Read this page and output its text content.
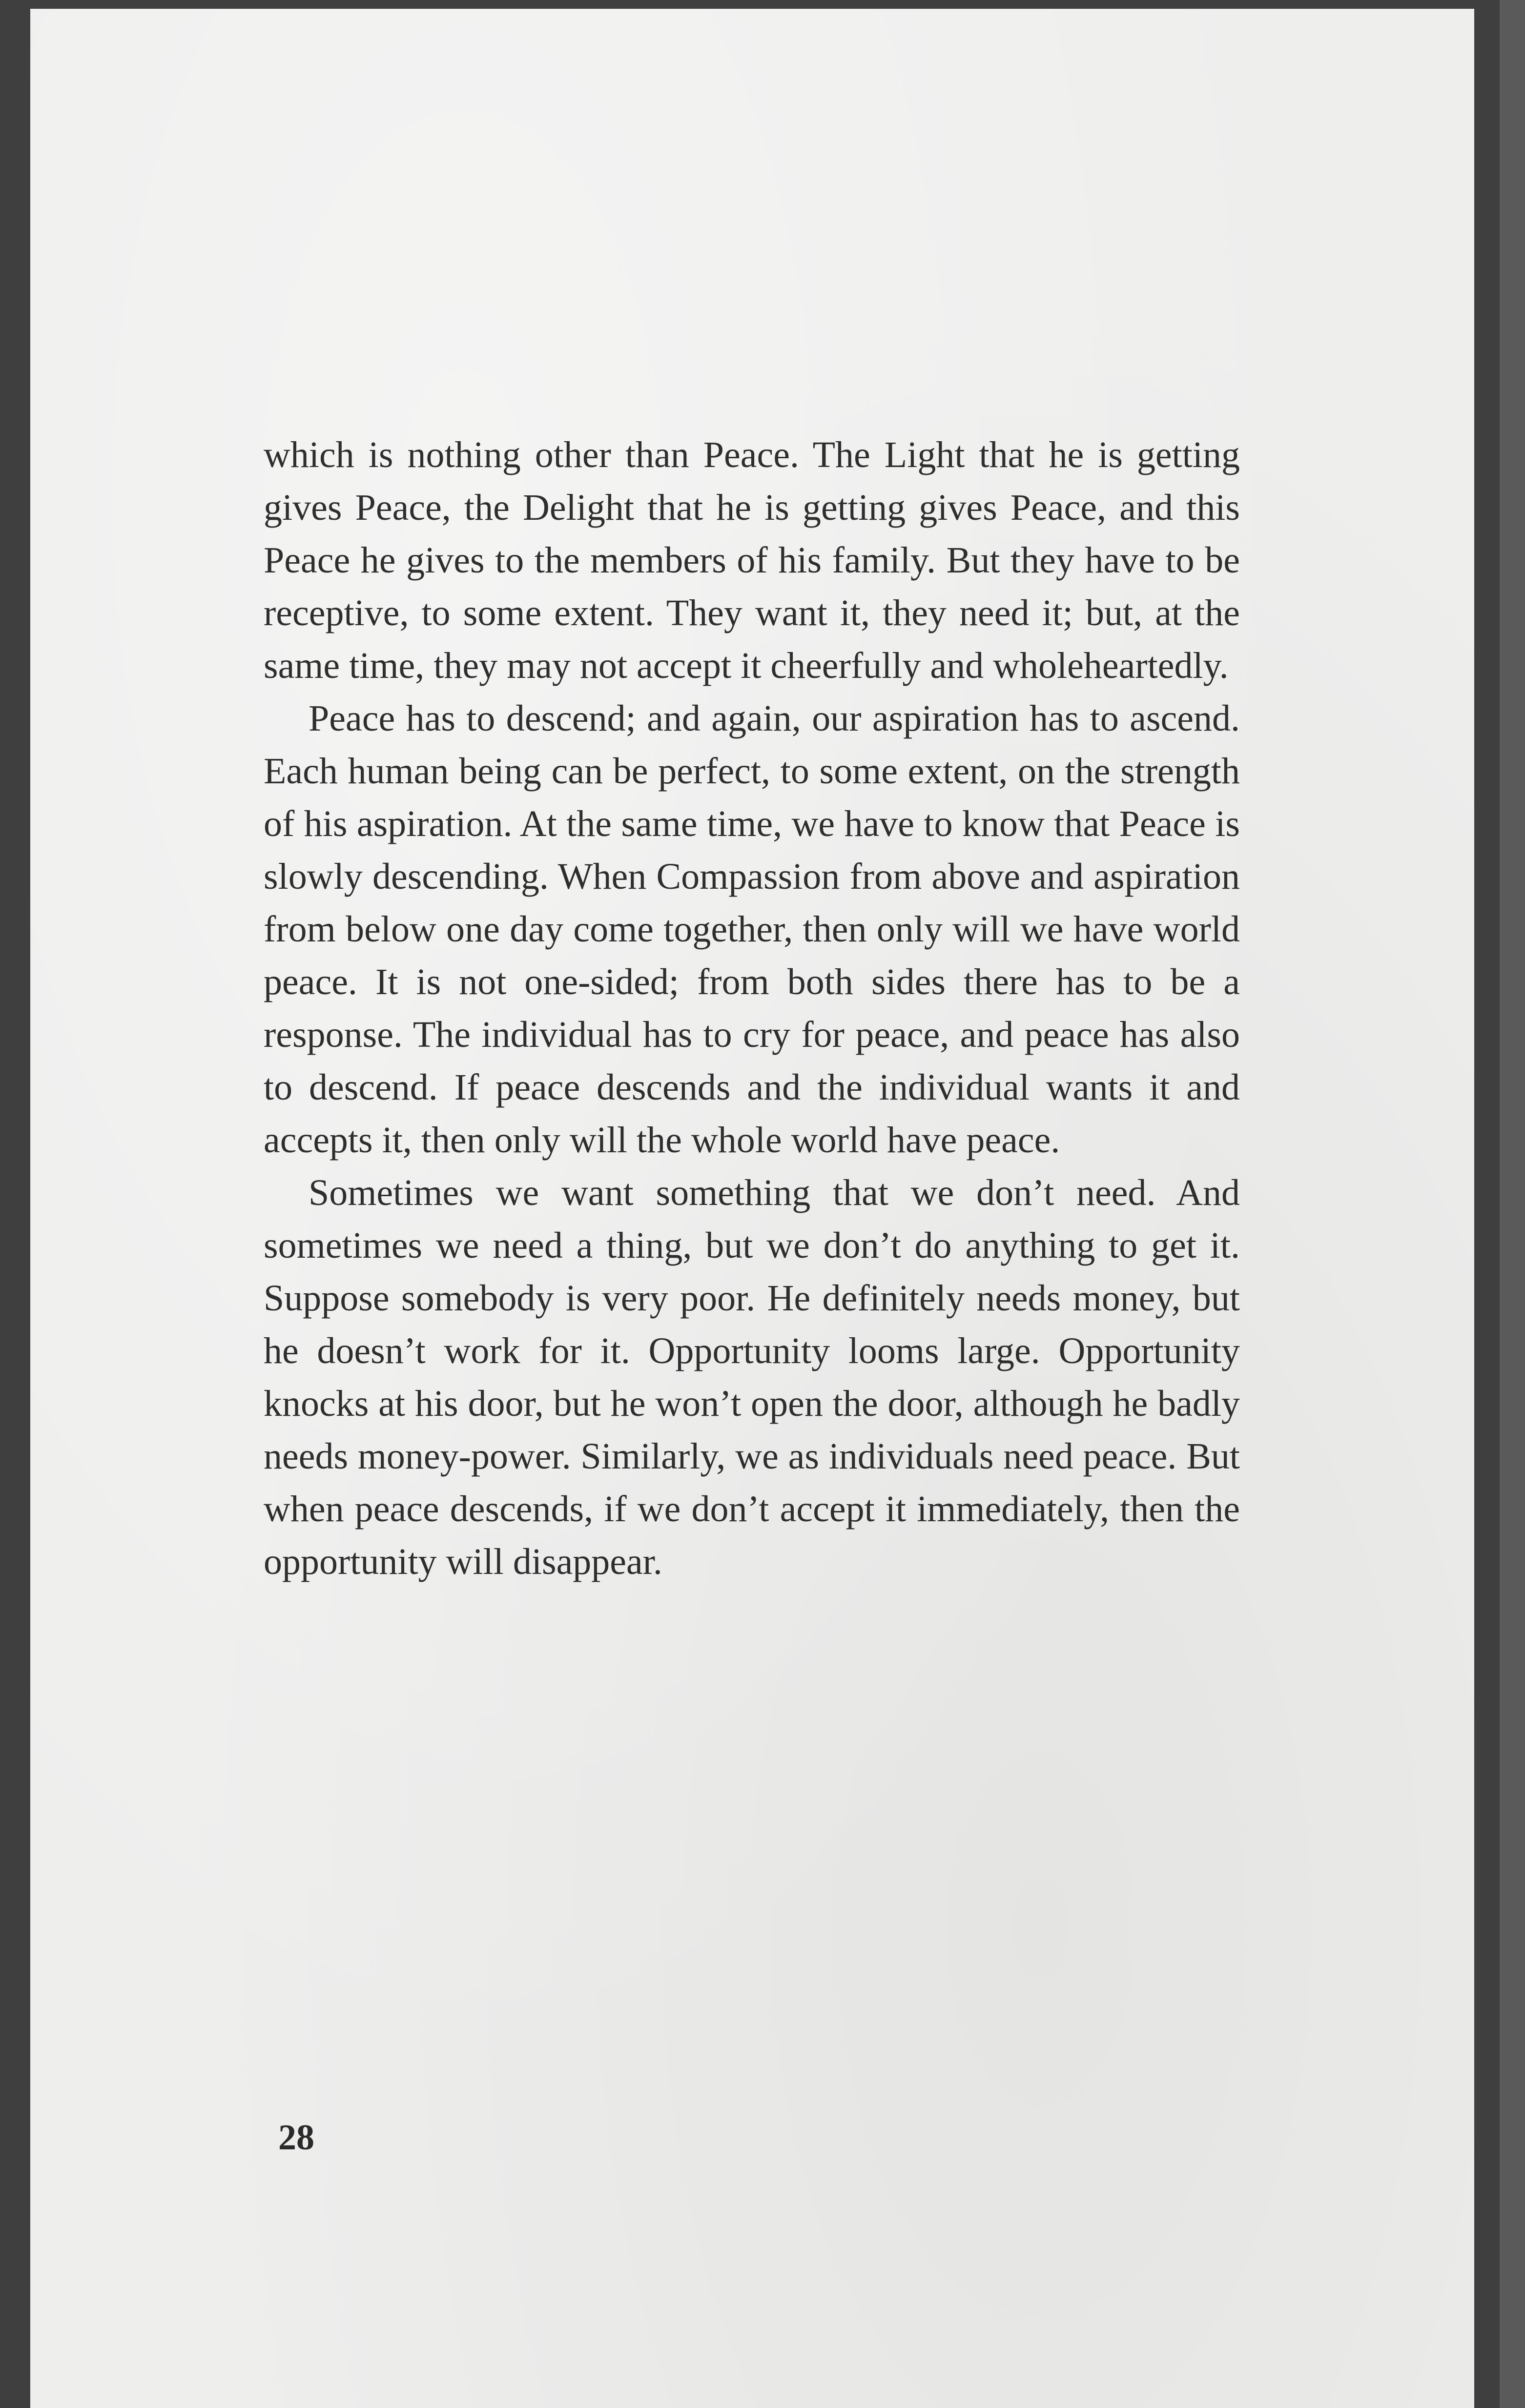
which is nothing other than Peace. The Light that he is getting gives Peace, the Delight that he is getting gives Peace, and this Peace he gives to the members of his family. But they have to be receptive, to some extent. They want it, they need it; but, at the same time, they may not accept it cheerfully and wholeheartedly.

Peace has to descend; and again, our aspiration has to ascend. Each human being can be perfect, to some extent, on the strength of his aspiration. At the same time, we have to know that Peace is slowly descending. When Compassion from above and aspiration from below one day come together, then only will we have world peace. It is not one-sided; from both sides there has to be a response. The individual has to cry for peace, and peace has also to descend. If peace descends and the individual wants it and accepts it, then only will the whole world have peace.

Sometimes we want something that we don’t need. And sometimes we need a thing, but we don’t do anything to get it. Suppose somebody is very poor. He definitely needs money, but he doesn’t work for it. Opportunity looms large. Opportunity knocks at his door, but he won’t open the door, although he badly needs money-power. Similarly, we as individuals need peace. But when peace descends, if we don’t accept it immediately, then the opportunity will disappear.

28
